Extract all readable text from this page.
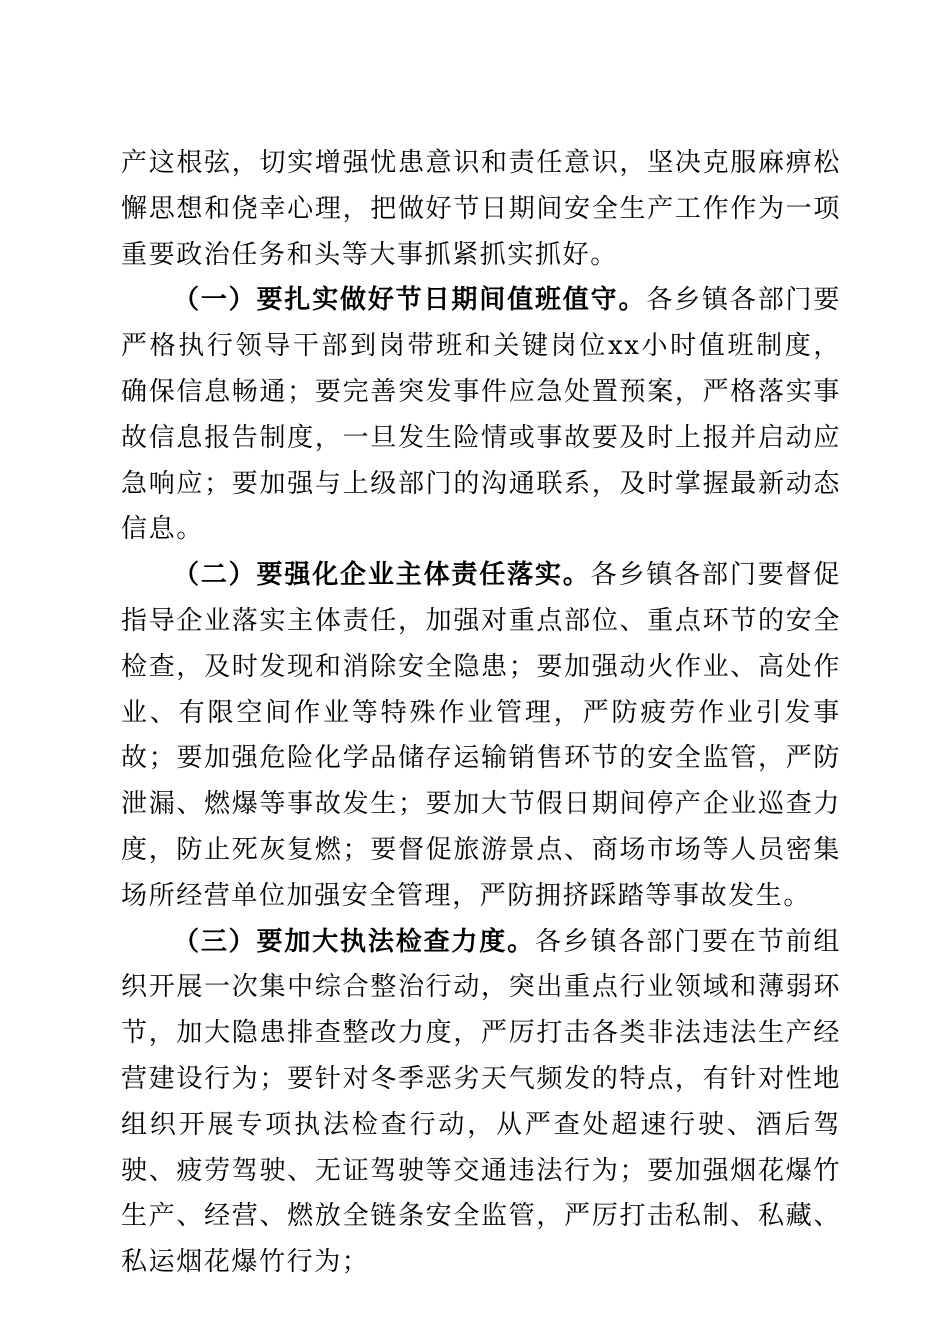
产这根弦，切实增强忧患意识和责任意识，坚决克服麻痹松懈思想和侥幸心理，把做好节日期间安全生产工作作为一项重要政治任务和头等大事抓紧抓实抓好。

（一）要扎实做好节日期间值班值守。各乡镇各部门要严格执行领导干部到岗带班和关键岗位xx小时值班制度，确保信息畅通；要完善突发事件应急处置预案，严格落实事故信息报告制度，一旦发生险情或事故要及时上报并启动应急响应；要加强与上级部门的沟通联系，及时掌握最新动态信息。

（二）要强化企业主体责任落实。各乡镇各部门要督促指导企业落实主体责任，加强对重点部位、重点环节的安全检查，及时发现和消除安全隐患；要加强动火作业、高处作业、有限空间作业等特殊作业管理，严防疲劳作业引发事故；要加强危险化学品储存运输销售环节的安全监管，严防泄漏、燃爆等事故发生；要加大节假日期间停产企业巡查力度，防止死灰复燃；要督促旅游景点、商场市场等人员密集场所经营单位加强安全管理，严防拥挤踩踏等事故发生。

（三）要加大执法检查力度。各乡镇各部门要在节前组织开展一次集中综合整治行动，突出重点行业领域和薄弱环节，加大隐患排查整改力度，严厉打击各类非法违法生产经营建设行为；要针对冬季恶劣天气频发的特点，有针对性地组织开展专项执法检查行动，从严查处超速行驶、酒后驾驶、疲劳驾驶、无证驾驶等交通违法行为；要加强烟花爆竹生产、经营、燃放全链条安全监管，严厉打击私制、私藏、私运烟花爆竹行为；
